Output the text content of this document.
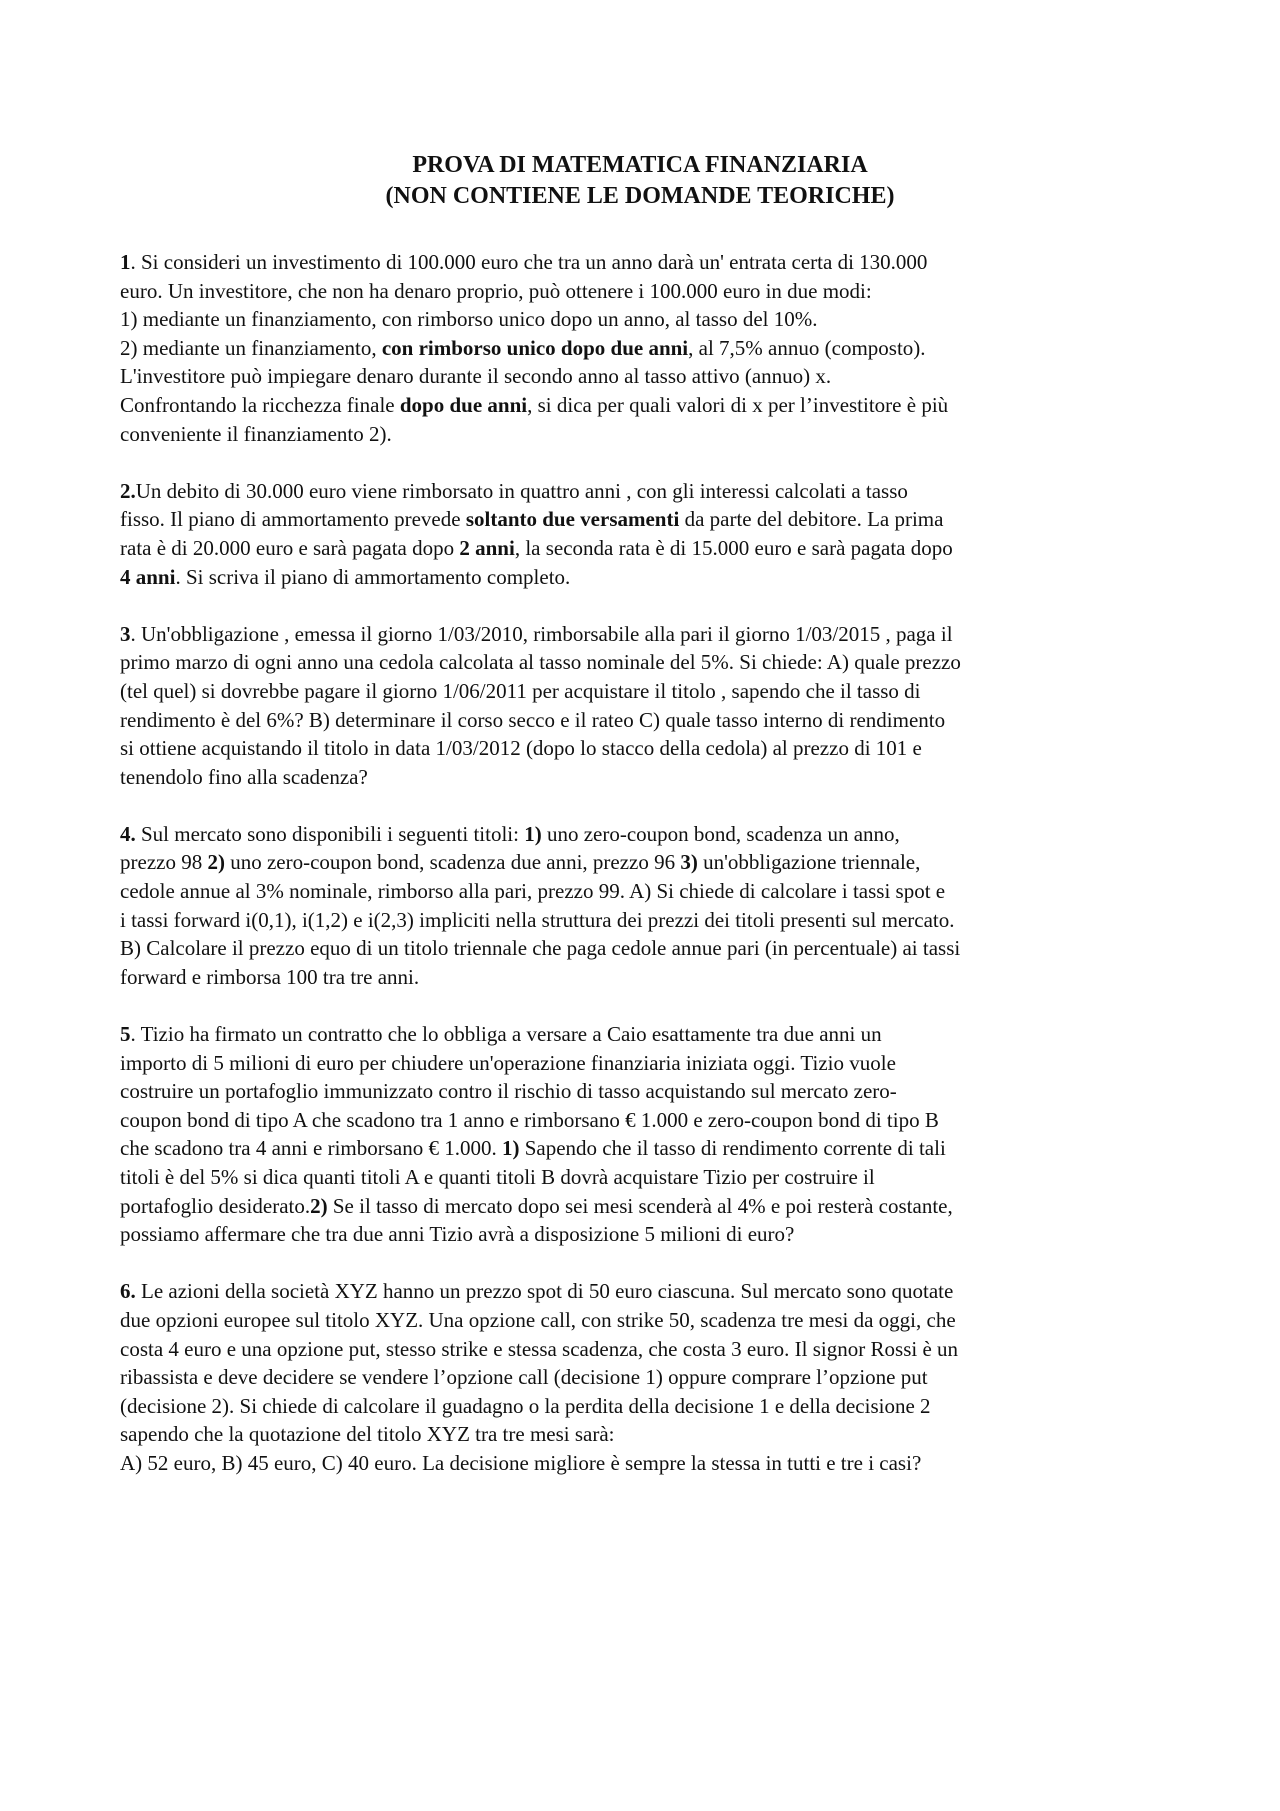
PROVA DI MATEMATICA FINANZIARIA
(NON CONTIENE LE DOMANDE TEORICHE)
1. Si consideri un investimento di 100.000 euro che tra un anno darà un' entrata certa di 130.000
euro. Un investitore, che non ha denaro proprio, può ottenere i 100.000 euro in due modi:
1) mediante un finanziamento, con rimborso unico dopo un anno, al tasso del 10%.
2) mediante un finanziamento, con rimborso unico dopo due anni, al 7,5% annuo (composto).
L'investitore può impiegare denaro durante il secondo anno al tasso attivo (annuo) x.
Confrontando la ricchezza finale dopo due anni, si dica per quali valori di x per l’investitore è più
conveniente il finanziamento 2).
2.Un debito di 30.000 euro viene rimborsato in quattro anni , con gli interessi calcolati a tasso
fisso. Il piano di ammortamento prevede soltanto due versamenti da parte del debitore. La prima
rata è di 20.000 euro e sarà pagata dopo 2 anni, la seconda rata è di 15.000 euro e sarà pagata dopo
4 anni. Si scriva il piano di ammortamento completo.
3. Un'obbligazione , emessa il giorno 1/03/2010, rimborsabile alla pari il giorno 1/03/2015 , paga il
primo marzo di ogni anno una cedola calcolata al tasso nominale del 5%. Si chiede: A) quale prezzo
(tel quel) si dovrebbe pagare il giorno 1/06/2011 per acquistare il titolo , sapendo che il tasso di
rendimento è del 6%? B) determinare il corso secco e il rateo C) quale tasso interno di rendimento
si ottiene acquistando il titolo in data 1/03/2012 (dopo lo stacco della cedola) al prezzo di 101 e
tenendolo fino alla scadenza?
4. Sul mercato sono disponibili i seguenti titoli: 1) uno zero-coupon bond, scadenza un anno,
prezzo 98 2) uno zero-coupon bond, scadenza due anni, prezzo 96 3) un'obbligazione triennale,
cedole annue al 3% nominale, rimborso alla pari, prezzo 99. A) Si chiede di calcolare i tassi spot e
i tassi forward i(0,1), i(1,2) e i(2,3) impliciti nella struttura dei prezzi dei titoli presenti sul mercato.
B) Calcolare il prezzo equo di un titolo triennale che paga cedole annue pari (in percentuale) ai tassi
forward e rimborsa 100 tra tre anni.
5. Tizio ha firmato un contratto che lo obbliga a versare a Caio esattamente tra due anni un
importo di 5 milioni di euro per chiudere un'operazione finanziaria iniziata oggi. Tizio vuole
costruire un portafoglio immunizzato contro il rischio di tasso acquistando sul mercato zero-
coupon bond di tipo A che scadono tra 1 anno e rimborsano € 1.000 e zero-coupon bond di tipo B
che scadono tra 4 anni e rimborsano € 1.000. 1) Sapendo che il tasso di rendimento corrente di tali
titoli è del 5% si dica quanti titoli A e quanti titoli B dovrà acquistare Tizio per costruire il
portafoglio desiderato.2) Se il tasso di mercato dopo sei mesi scenderà al 4% e poi resterà costante,
possiamo affermare che tra due anni Tizio avrà a disposizione 5 milioni di euro?
6. Le azioni della società XYZ hanno un prezzo spot di 50 euro ciascuna. Sul mercato sono quotate
due opzioni europee sul titolo XYZ. Una opzione call, con strike 50, scadenza tre mesi da oggi, che
costa 4 euro e una opzione put, stesso strike e stessa scadenza, che costa 3 euro. Il signor Rossi è un
ribassista e deve decidere se vendere l’opzione call (decisione 1) oppure comprare l’opzione put
(decisione 2). Si chiede di calcolare il guadagno o la perdita della decisione 1 e della decisione 2
sapendo che la quotazione del titolo XYZ tra tre mesi sarà:
A) 52 euro, B) 45 euro, C) 40 euro. La decisione migliore è sempre la stessa in tutti e tre i casi?
